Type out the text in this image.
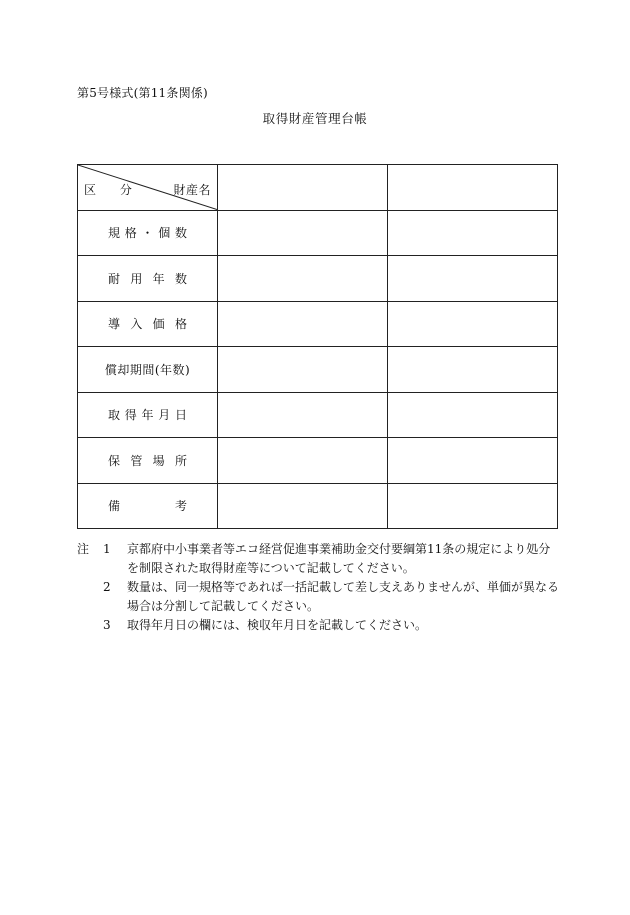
第5号様式(第11条関係)
取得財産管理台帳
区 分 財産名		

規 格 ・ 個 数		

耐 用 年 数		

導 入 価 格		

償却期間(年数)		

取 得 年 月 日		

保 管 場 所		

備 考		

注 1 京都府中小事業者等エコ経営促進事業補助金交付要綱第11条の規定により処分を制限された取得財産等について記載してください。
2 数量は、同一規格等であれば一括記載して差し支えありませんが、単価が異なる場合は分割して記載してください。
3 取得年月日の欄には、検収年月日を記載してください。
